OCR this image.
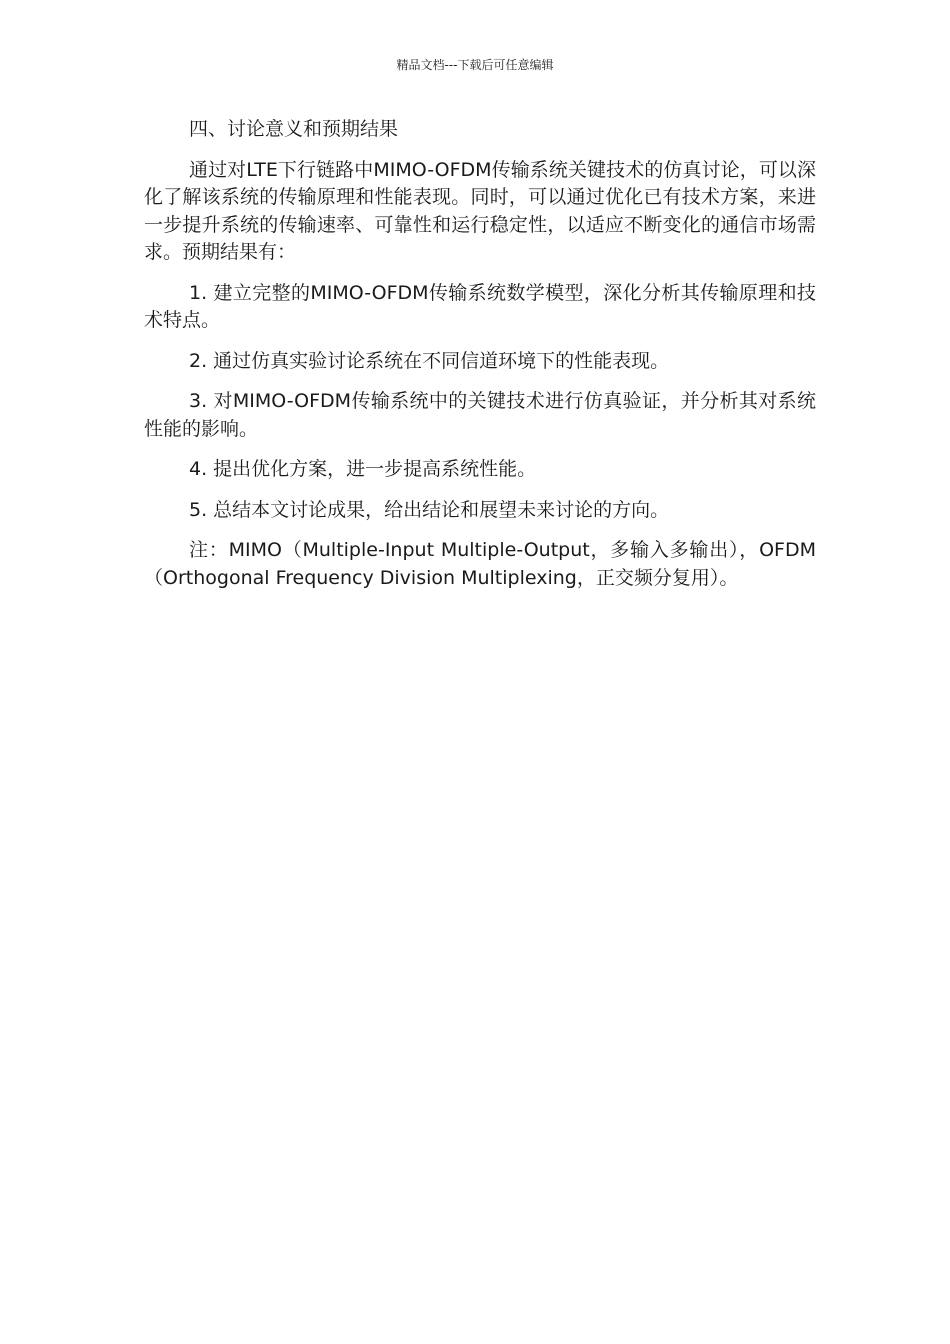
精品文档---下载后可任意编辑

四、讨论意义和预期结果

通过对LTE下行链路中MIMO-OFDM传输系统关键技术的仿真讨论，可以深化了解该系统的传输原理和性能表现。同时，可以通过优化已有技术方案，来进一步提升系统的传输速率、可靠性和运行稳定性，以适应不断变化的通信市场需求。预期结果有：

1. 建立完整的MIMO-OFDM传输系统数学模型，深化分析其传输原理和技术特点。

2. 通过仿真实验讨论系统在不同信道环境下的性能表现。

3. 对MIMO-OFDM传输系统中的关键技术进行仿真验证，并分析其对系统性能的影响。

4. 提出优化方案，进一步提高系统性能。

5. 总结本文讨论成果，给出结论和展望未来讨论的方向。

注：MIMO（Multiple-Input Multiple-Output，多输入多输出），OFDM（Orthogonal Frequency Division Multiplexing，正交频分复用）。
